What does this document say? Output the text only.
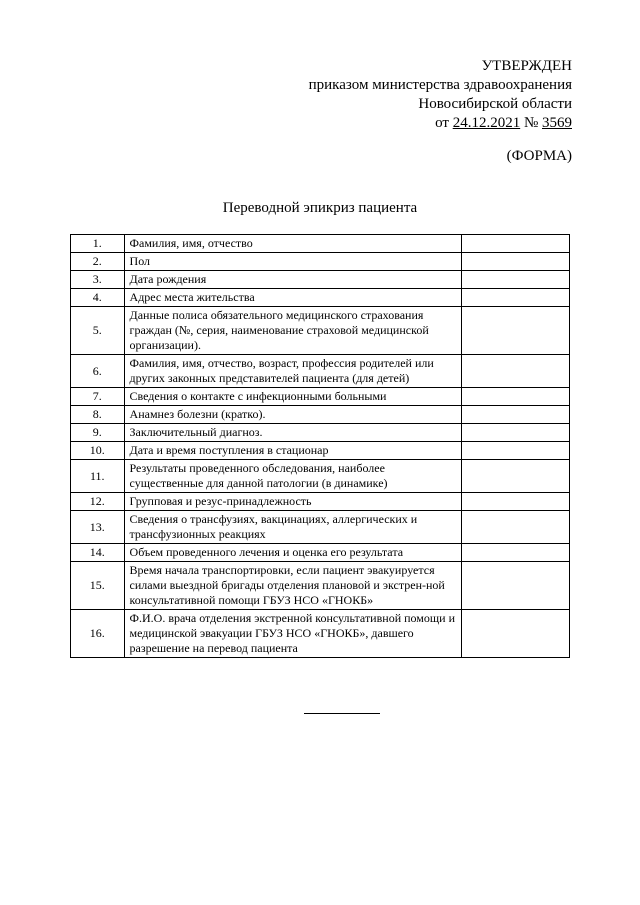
УТВЕРЖДЕН
приказом министерства здравоохранения
Новосибирской области
от 24.12.2021 № 3569
(ФОРМА)
Переводной эпикриз пациента
1.	Фамилия, имя, отчество	
2.	Пол	
3.	Дата рождения	
4.	Адрес места жительства	
5.	Данные полиса обязательного медицинского страхования граждан (№, серия, наименование страховой медицинской организации).	
6.	Фамилия, имя, отчество, возраст, профессия родителей или других законных представителей пациента (для детей)	
7.	Сведения о контакте с инфекционными больными	
8.	Анамнез болезни (кратко).	
9.	Заключительный диагноз.	
10.	Дата и время поступления в стационар	
11.	Результаты проведенного обследования, наиболее существенные для данной патологии (в динамике)	
12.	Групповая и резус-принадлежность	
13.	Сведения о трансфузиях, вакцинациях, аллергических и трансфузионных реакциях	
14.	Объем проведенного лечения и оценка его результата	
15.	Время начала транспортировки, если пациент эвакуируется силами выездной бригады отделения плановой и экстрен-ной консультативной помощи ГБУЗ НСО «ГНОКБ»	
16.	Ф.И.О. врача отделения экстренной консультативной помощи и медицинской эвакуации ГБУЗ НСО «ГНОКБ», давшего разрешение на перевод пациента	
